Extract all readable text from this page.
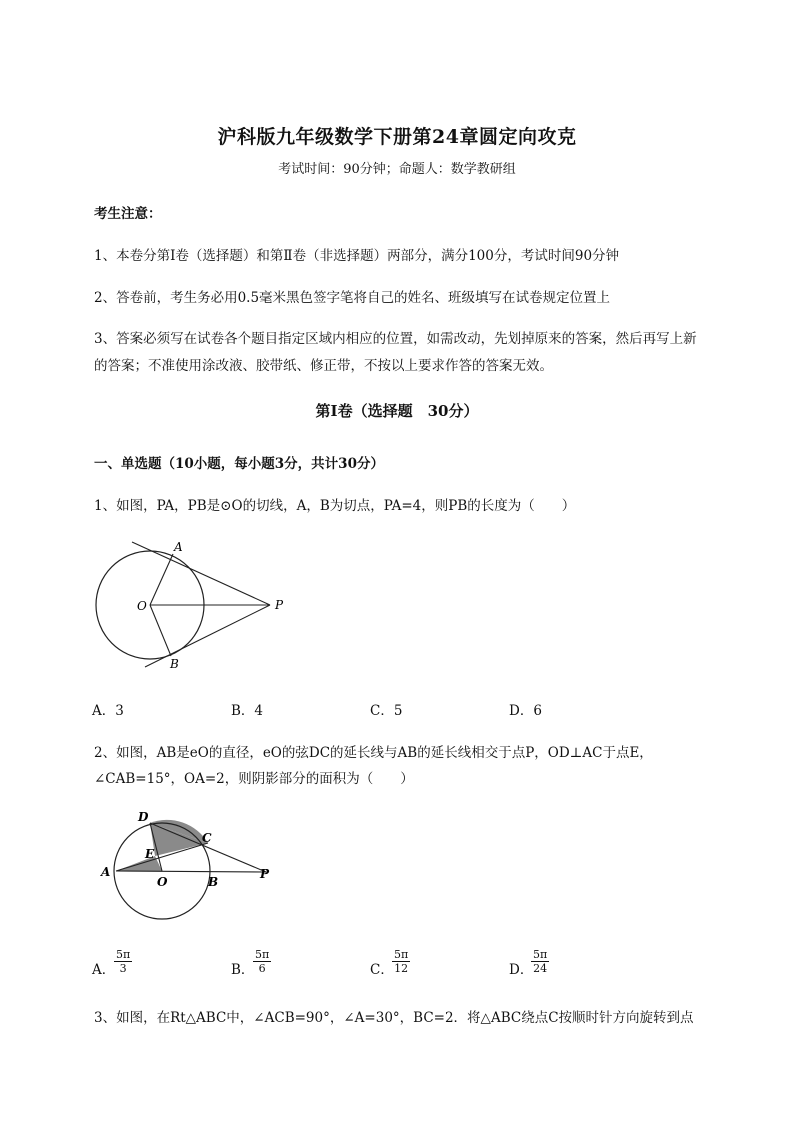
沪科版九年级数学下册第24章圆定向攻克
考试时间：90分钟；命题人：数学教研组
考生注意：
1、本卷分第I卷（选择题）和第Ⅱ卷（非选择题）两部分，满分100分，考试时间90分钟
2、答卷前，考生务必用0.5毫米黑色签字笔将自己的姓名、班级填写在试卷规定位置上
3、答案必须写在试卷各个题目指定区域内相应的位置，如需改动，先划掉原来的答案，然后再写上新
的答案；不准使用涂改液、胶带纸、修正带，不按以上要求作答的答案无效。
第I卷（选择题　30分）
一、单选题（10小题，每小题3分，共计30分）
1、如图，PA，PB是⊙O的切线，A，B为切点，PA=4，则PB的长度为（　　）
A
B
O	P
A．3	B．4	C．5	D．6
2、如图，AB是eO的直径，eO的弦DC的延长线与AB的延长线相交于点P，OD⊥AC于点E，
∠CAB=15°，OA=2，则阴影部分的面积为（　　）
D
C
E
A
O	B
P
A．
$\frac{5\pi}{3}$	B．
$\frac{5\pi}{6}$	C．
$\frac{5\pi}{12}$	D．
$\frac{5\pi}{24}$
3、如图，在Rt△ABC中，∠ACB=90°，∠A=30°，BC=2．将△ABC绕点C按顺时针方向旋转到点
